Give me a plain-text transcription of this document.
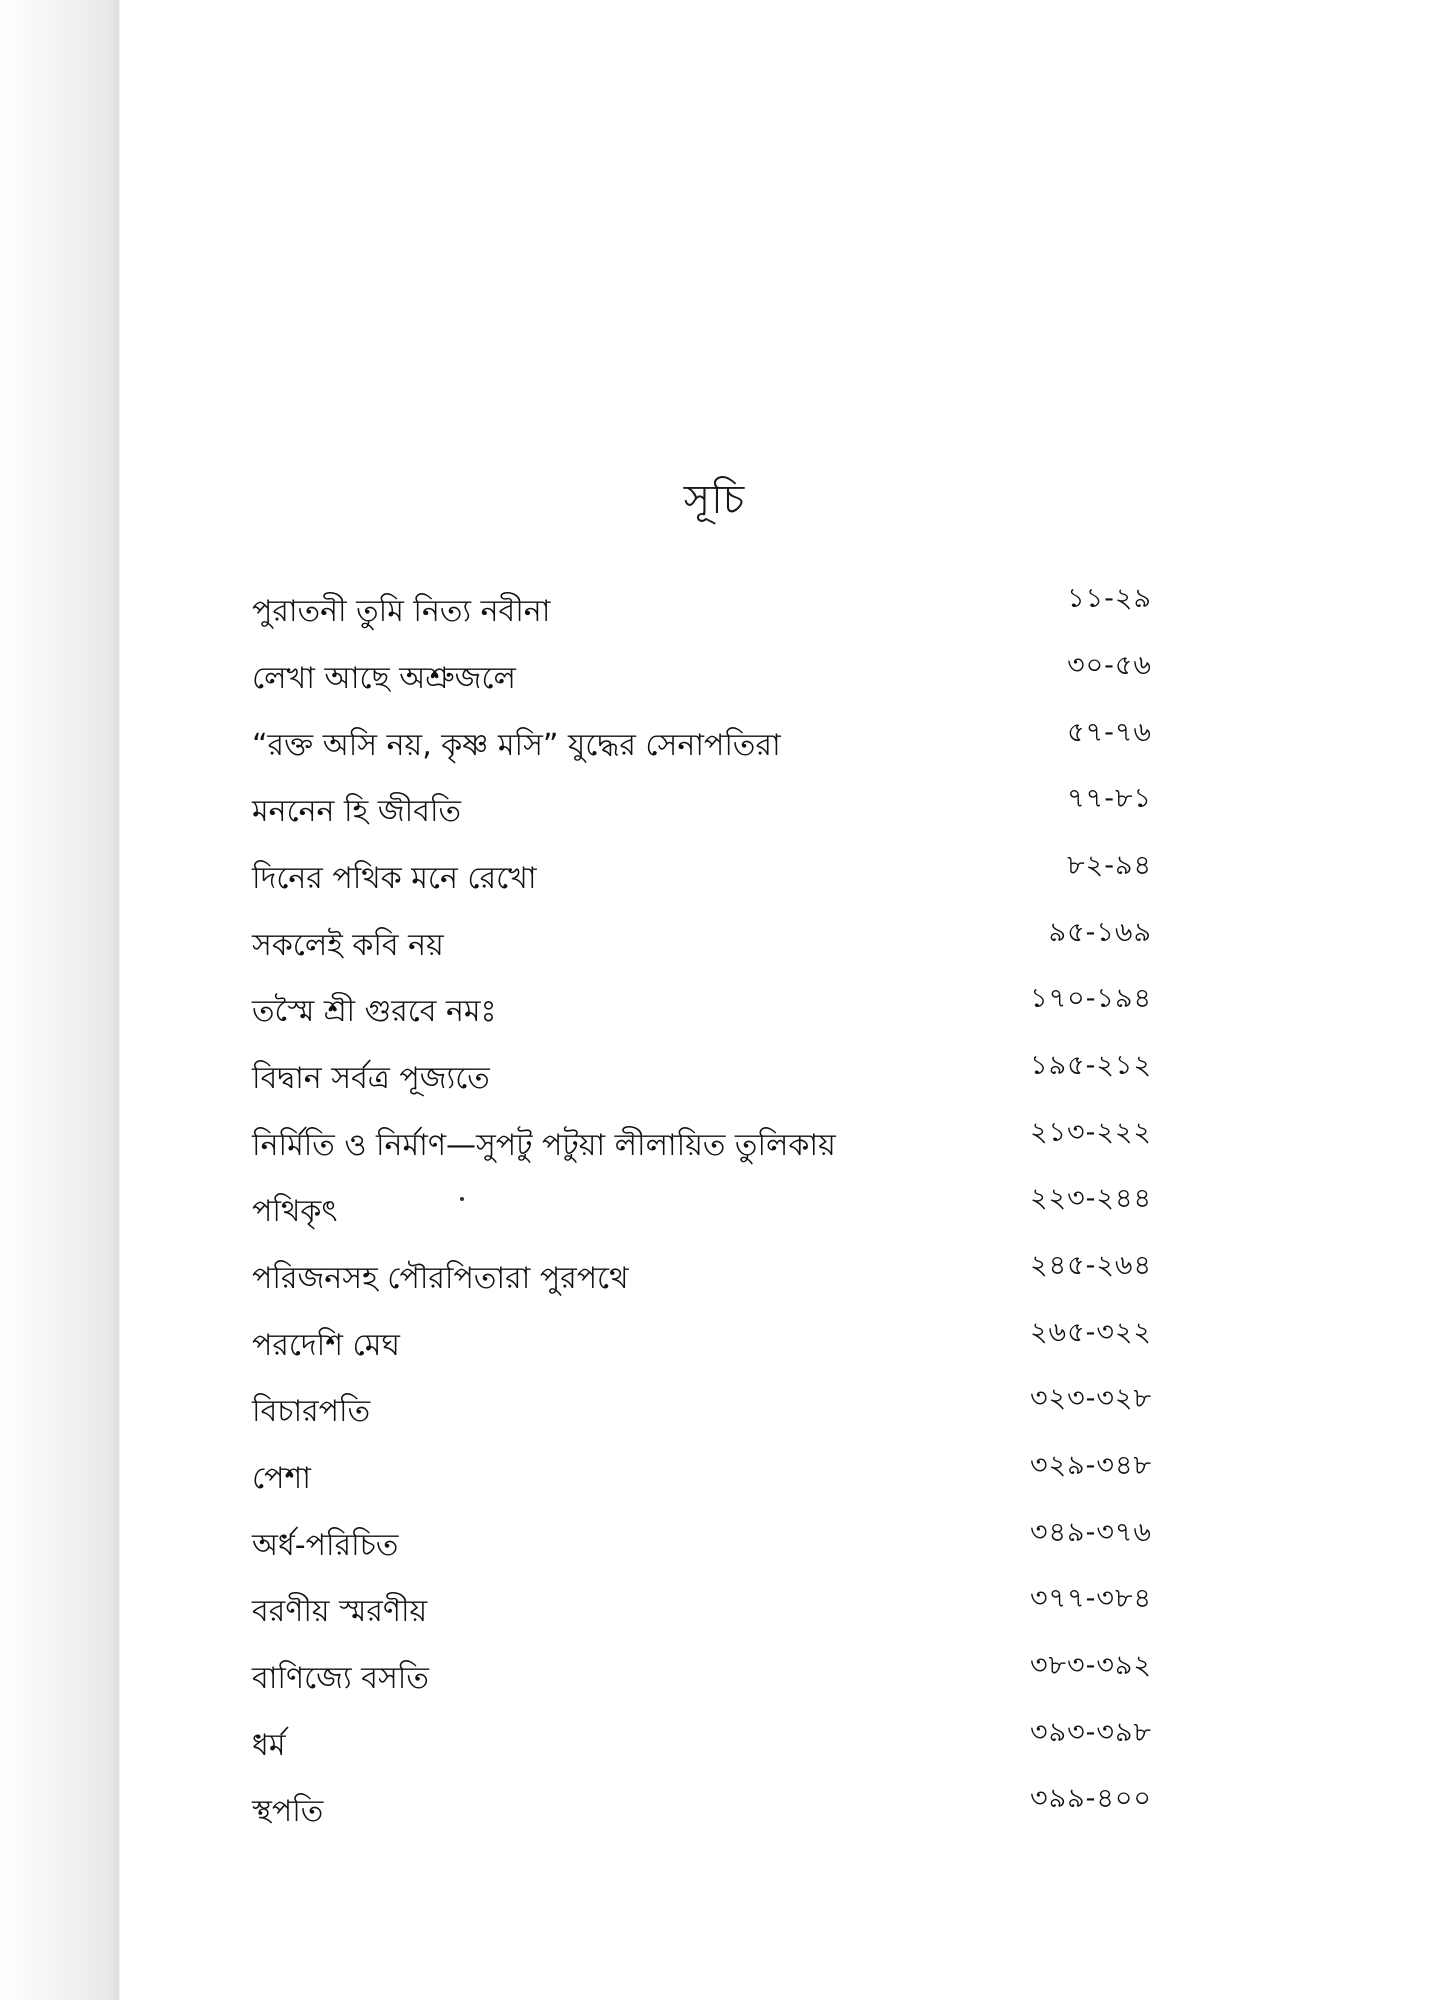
সূচি
পুরাতনী তুমি নিত্য নবীনা	১১-২৯
লেখা আছে অশ্রুজলে	৩০-৫৬
“রক্ত অসি নয়, কৃষ্ণ মসি” যুদ্ধের সেনাপতিরা	৫৭-৭৬
মননেন হি জীবতি	৭৭-৮১
দিনের পথিক মনে রেখো	৮২-৯৪
সকলেই কবি নয়	৯৫-১৬৯
তস্মৈ শ্রী গুরবে নমঃ	১৭০-১৯৪
বিদ্বান সর্বত্র পূজ্যতে	১৯৫-২১২
নির্মিতি ও নির্মাণ—সুপটু পটুয়া লীলায়িত তুলিকায়	২১৩-২২২
পথিকৃৎ	২২৩-২৪৪
পরিজনসহ পৌরপিতারা পুরপথে	২৪৫-২৬৪
পরদেশি মেঘ	২৬৫-৩২২
বিচারপতি	৩২৩-৩২৮
পেশা	৩২৯-৩৪৮
অর্ধ-পরিচিত	৩৪৯-৩৭৬
বরণীয় স্মরণীয়	৩৭৭-৩৮৪
বাণিজ্যে বসতি	৩৮৩-৩৯২
ধর্ম	৩৯৩-৩৯৮
স্থপতি	৩৯৯-৪০০
